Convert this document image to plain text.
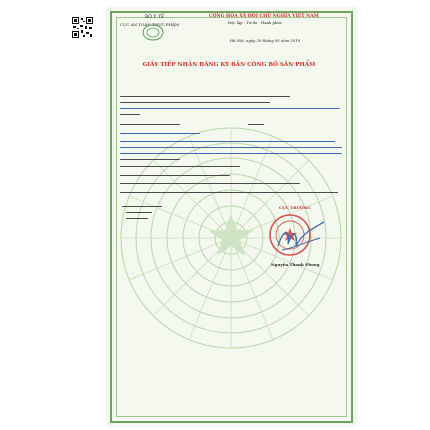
BỘ Y TẾ
CỤC AN TOÀN THỰC PHẨM
CỘNG HÒA XÃ HỘI CHỦ NGHĨA VIỆT NAM
Độc lập - Tự do - Hạnh phúc
Hà Nội, ngày 29 tháng 05 năm 2019
GIẤY TIẾP NHẬN ĐĂNG KÝ BẢN CÔNG BỐ SẢN PHẨM
CỤC TRƯỞNG
Nguyễn Thanh Phong
